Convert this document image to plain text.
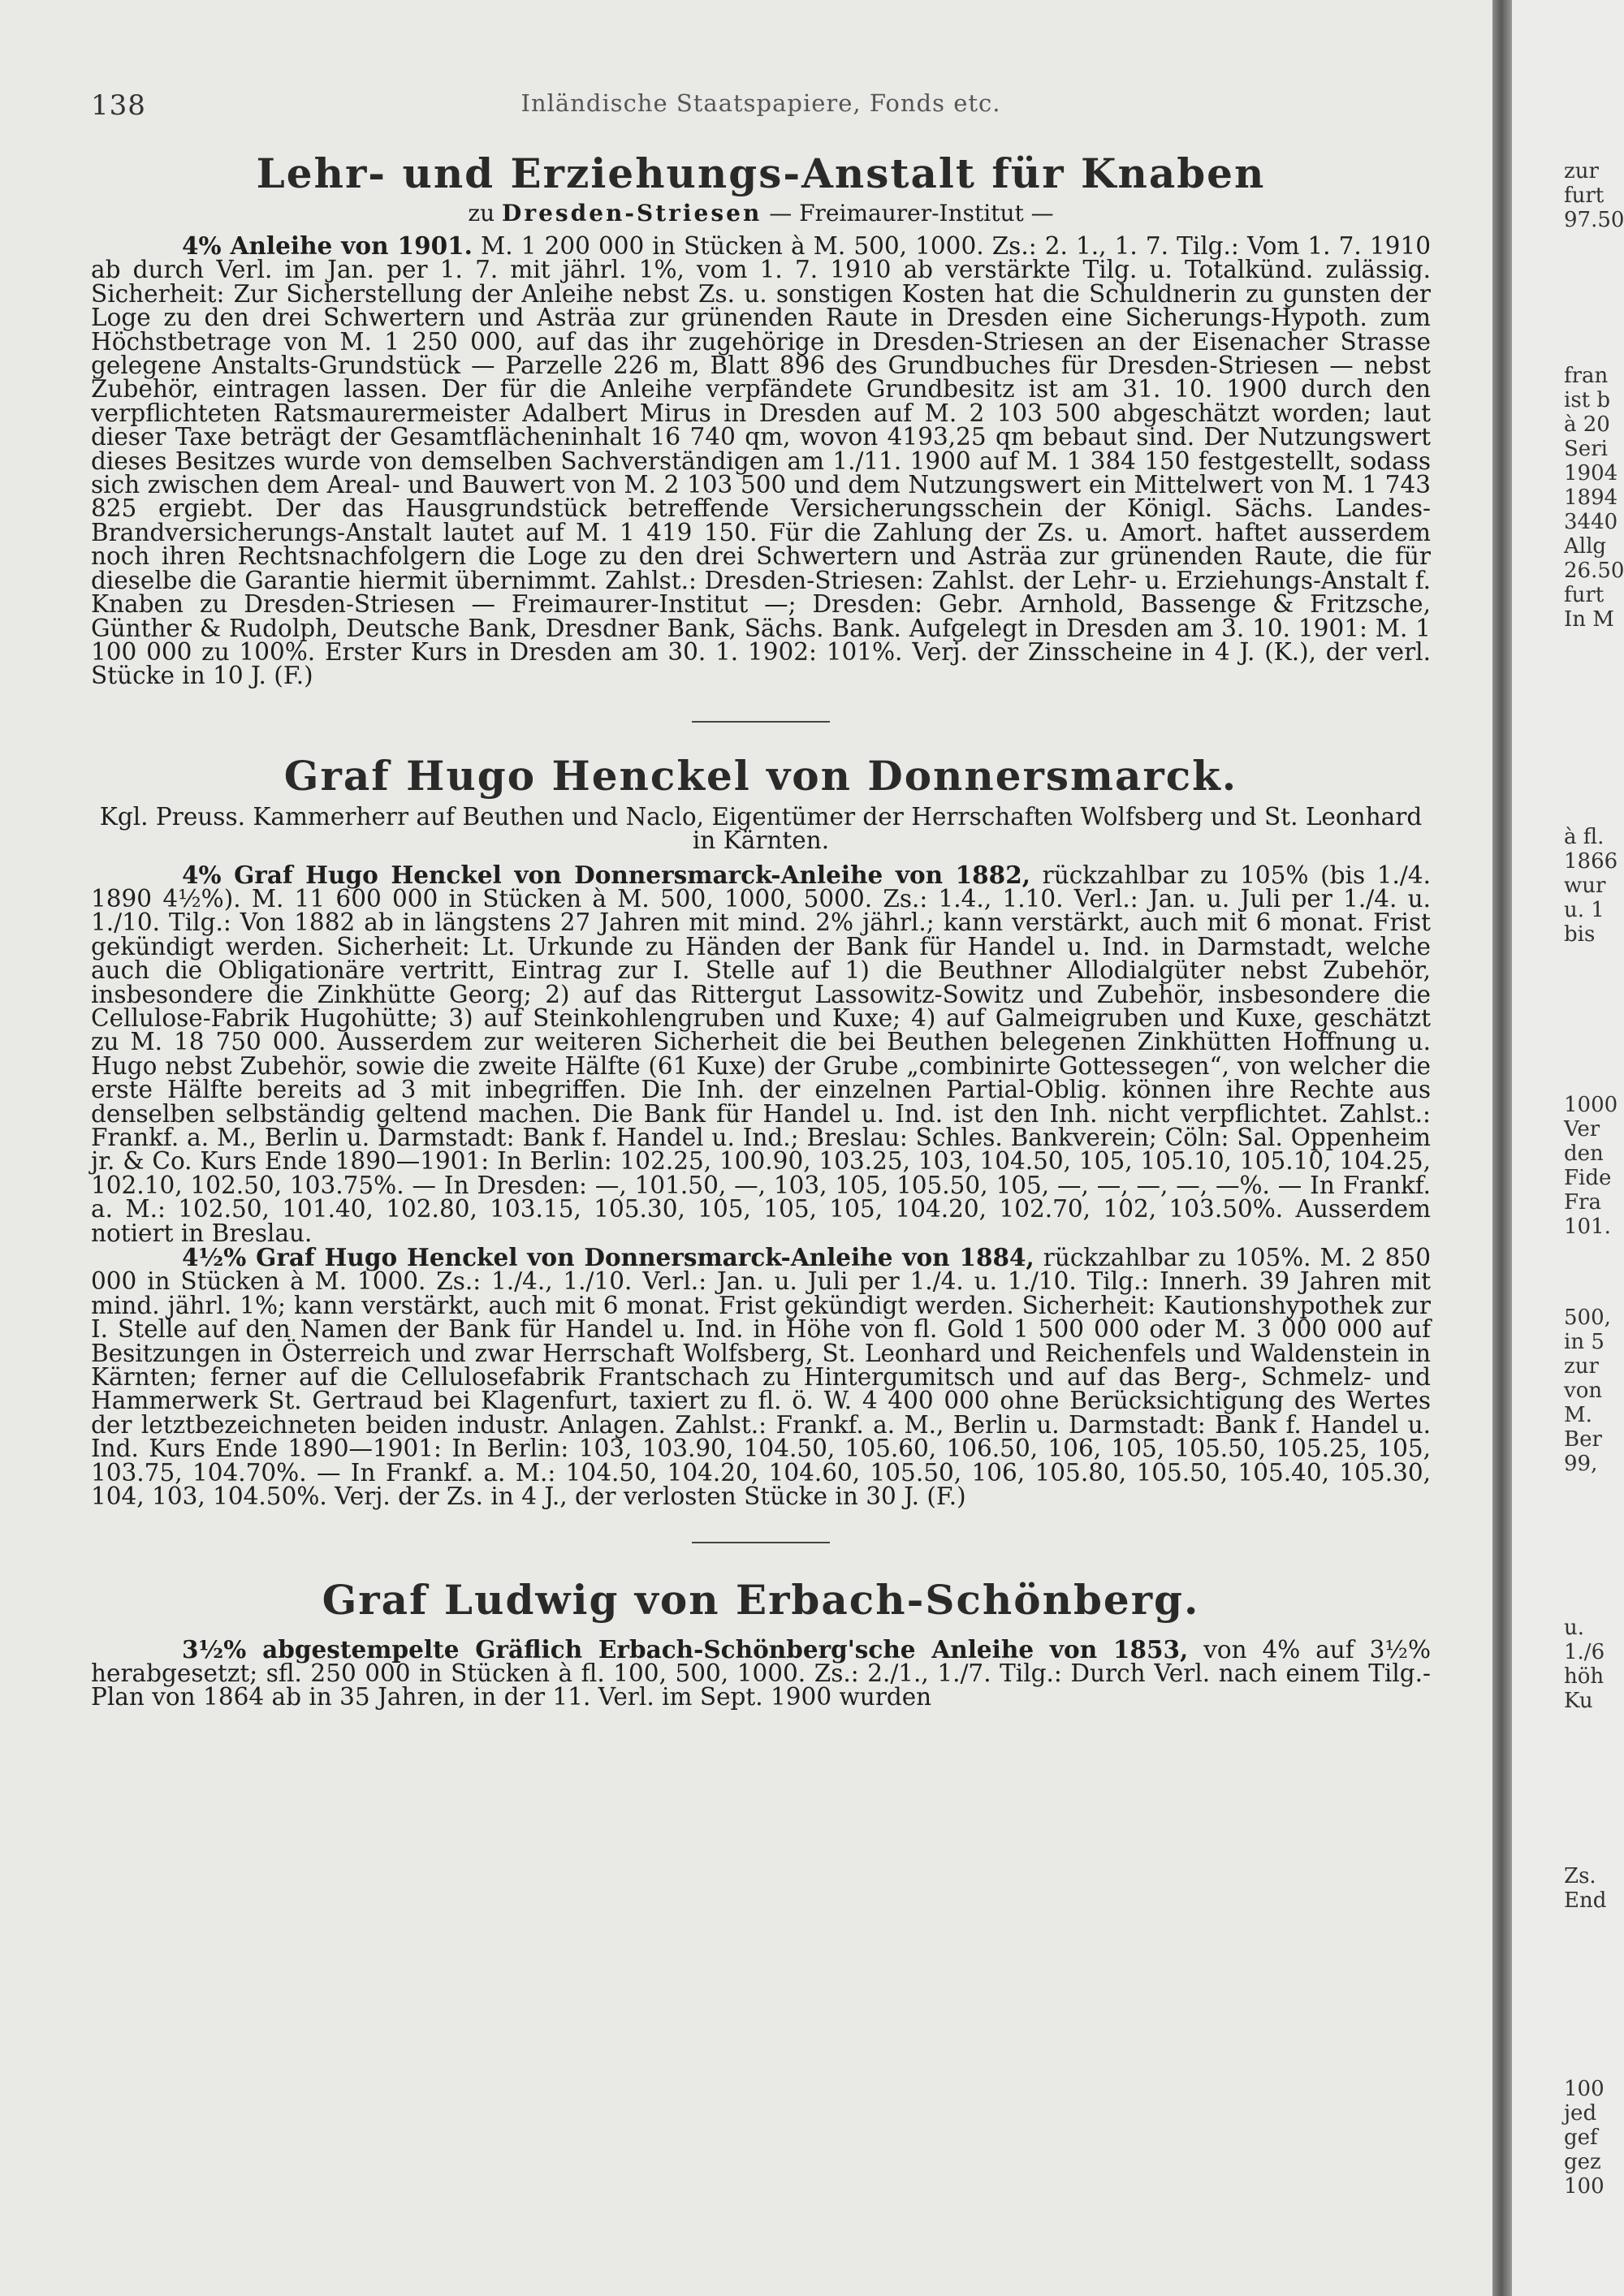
138	Inländische Staatspapiere, Fonds etc.
Lehr- und Erziehungs-Anstalt für Knaben
zu Dresden-Striesen — Freimaurer-Institut —

4% Anleihe von 1901. M. 1 200 000 in Stücken à M. 500, 1000. Zs.: 2. 1., 1. 7. Tilg.: Vom 1. 7. 1910 ab durch Verl. im Jan. per 1. 7. mit jährl. 1%, vom 1. 7. 1910 ab verstärkte Tilg. u. Totalkünd. zulässig. Sicherheit: Zur Sicherstellung der Anleihe nebst Zs. u. sonstigen Kosten hat die Schuldnerin zu gunsten der Loge zu den drei Schwertern und Asträa zur grünenden Raute in Dresden eine Sicherungs-Hypoth. zum Höchstbetrage von M. 1 250 000, auf das ihr zugehörige in Dresden-Striesen an der Eisenacher Strasse gelegene Anstalts-Grundstück — Parzelle 226 m, Blatt 896 des Grundbuches für Dresden-Striesen — nebst Zubehör, eintragen lassen. Der für die Anleihe verpfändete Grundbesitz ist am 31. 10. 1900 durch den verpflichteten Ratsmaurermeister Adalbert Mirus in Dresden auf M. 2 103 500 abgeschätzt worden; laut dieser Taxe beträgt der Gesamtflächeninhalt 16 740 qm, wovon 4193,25 qm bebaut sind. Der Nutzungswert dieses Besitzes wurde von demselben Sachverständigen am 1./11. 1900 auf M. 1 384 150 festgestellt, sodass sich zwischen dem Areal- und Bauwert von M. 2 103 500 und dem Nutzungswert ein Mittelwert von M. 1 743 825 ergiebt. Der das Hausgrundstück betreffende Versicherungsschein der Königl. Sächs. Landes-Brandversicherungs-Anstalt lautet auf M. 1 419 150. Für die Zahlung der Zs. u. Amort. haftet ausserdem noch ihren Rechtsnachfolgern die Loge zu den drei Schwertern und Asträa zur grünenden Raute, die für dieselbe die Garantie hiermit übernimmt. Zahlst.: Dresden-Striesen: Zahlst. der Lehr- u. Erziehungs-Anstalt f. Knaben zu Dresden-Striesen — Freimaurer-Institut —; Dresden: Gebr. Arnhold, Bassenge & Fritzsche, Günther & Rudolph, Deutsche Bank, Dresdner Bank, Sächs. Bank. Aufgelegt in Dresden am 3. 10. 1901: M. 1 100 000 zu 100%. Erster Kurs in Dresden am 30. 1. 1902: 101%. Verj. der Zinsscheine in 4 J. (K.), der verl. Stücke in 10 J. (F.)

Graf Hugo Henckel von Donnersmarck.
Kgl. Preuss. Kammerherr auf Beuthen und Naclo, Eigentümer der Herrschaften Wolfsberg und St. Leonhard in Kärnten.

4% Graf Hugo Henckel von Donnersmarck-Anleihe von 1882, rückzahlbar zu 105% (bis 1./4. 1890 4½%). M. 11 600 000 in Stücken à M. 500, 1000, 5000. Zs.: 1.4., 1.10. Verl.: Jan. u. Juli per 1./4. u. 1./10. Tilg.: Von 1882 ab in längstens 27 Jahren mit mind. 2% jährl.; kann verstärkt, auch mit 6 monat. Frist gekündigt werden. Sicherheit: Lt. Urkunde zu Händen der Bank für Handel u. Ind. in Darmstadt, welche auch die Obligationäre vertritt, Eintrag zur I. Stelle auf 1) die Beuthner Allodialgüter nebst Zubehör, insbesondere die Zinkhütte Georg; 2) auf das Rittergut Lassowitz-Sowitz und Zubehör, insbesondere die Cellulose-Fabrik Hugohütte; 3) auf Steinkohlengruben und Kuxe; 4) auf Galmeigruben und Kuxe, geschätzt zu M. 18 750 000. Ausserdem zur weiteren Sicherheit die bei Beuthen belegenen Zinkhütten Hoffnung u. Hugo nebst Zubehör, sowie die zweite Hälfte (61 Kuxe) der Grube „combinirte Gottessegen“, von welcher die erste Hälfte bereits ad 3 mit inbegriffen. Die Inh. der einzelnen Partial-Oblig. können ihre Rechte aus denselben selbständig geltend machen. Die Bank für Handel u. Ind. ist den Inh. nicht verpflichtet. Zahlst.: Frankf. a. M., Berlin u. Darmstadt: Bank f. Handel u. Ind.; Breslau: Schles. Bankverein; Cöln: Sal. Oppenheim jr. & Co. Kurs Ende 1890—1901: In Berlin: 102.25, 100.90, 103.25, 103, 104.50, 105, 105.10, 105.10, 104.25, 102.10, 102.50, 103.75%. — In Dresden: —, 101.50, —, 103, 105, 105.50, 105, —, —, —, —, —%. — In Frankf. a. M.: 102.50, 101.40, 102.80, 103.15, 105.30, 105, 105, 105, 104.20, 102.70, 102, 103.50%. Ausserdem notiert in Breslau.

4½% Graf Hugo Henckel von Donnersmarck-Anleihe von 1884, rückzahlbar zu 105%. M. 2 850 000 in Stücken à M. 1000. Zs.: 1./4., 1./10. Verl.: Jan. u. Juli per 1./4. u. 1./10. Tilg.: Innerh. 39 Jahren mit mind. jährl. 1%; kann verstärkt, auch mit 6 monat. Frist gekündigt werden. Sicherheit: Kautionshypothek zur I. Stelle auf den Namen der Bank für Handel u. Ind. in Höhe von fl. Gold 1 500 000 oder M. 3 000 000 auf Besitzungen in Österreich und zwar Herrschaft Wolfsberg, St. Leonhard und Reichenfels und Waldenstein in Kärnten; ferner auf die Cellulosefabrik Frantschach zu Hintergumitsch und auf das Berg-, Schmelz- und Hammerwerk St. Gertraud bei Klagenfurt, taxiert zu fl. ö. W. 4 400 000 ohne Berücksichtigung des Wertes der letztbezeichneten beiden industr. Anlagen. Zahlst.: Frankf. a. M., Berlin u. Darmstadt: Bank f. Handel u. Ind. Kurs Ende 1890—1901: In Berlin: 103, 103.90, 104.50, 105.60, 106.50, 106, 105, 105.50, 105.25, 105, 103.75, 104.70%. — In Frankf. a. M.: 104.50, 104.20, 104.60, 105.50, 106, 105.80, 105.50, 105.40, 105.30, 104, 103, 104.50%. Verj. der Zs. in 4 J., der verlosten Stücke in 30 J. (F.)

Graf Ludwig von Erbach-Schönberg.

3½% abgestempelte Gräflich Erbach-Schönberg'sche Anleihe von 1853, von 4% auf 3½% herabgesetzt; sfl. 250 000 in Stücken à fl. 100, 500, 1000. Zs.: 2./1., 1./7. Tilg.: Durch Verl. nach einem Tilg.-Plan von 1864 ab in 35 Jahren, in der 11. Verl. im Sept. 1900 wurden

zur
furt
97.50
fran
ist b
à 20
Seri
1904
1894
3440
Allg
26.50
furt
In M
à fl.
1866
wur
u. 1
bis
1000
Ver
den
Fide
Fra
101.
500,
in 5
zur
von
M.
Ber
99,
u.
1./6
höh
Ku
Zs.
End
100
jed
gef
gez
100
